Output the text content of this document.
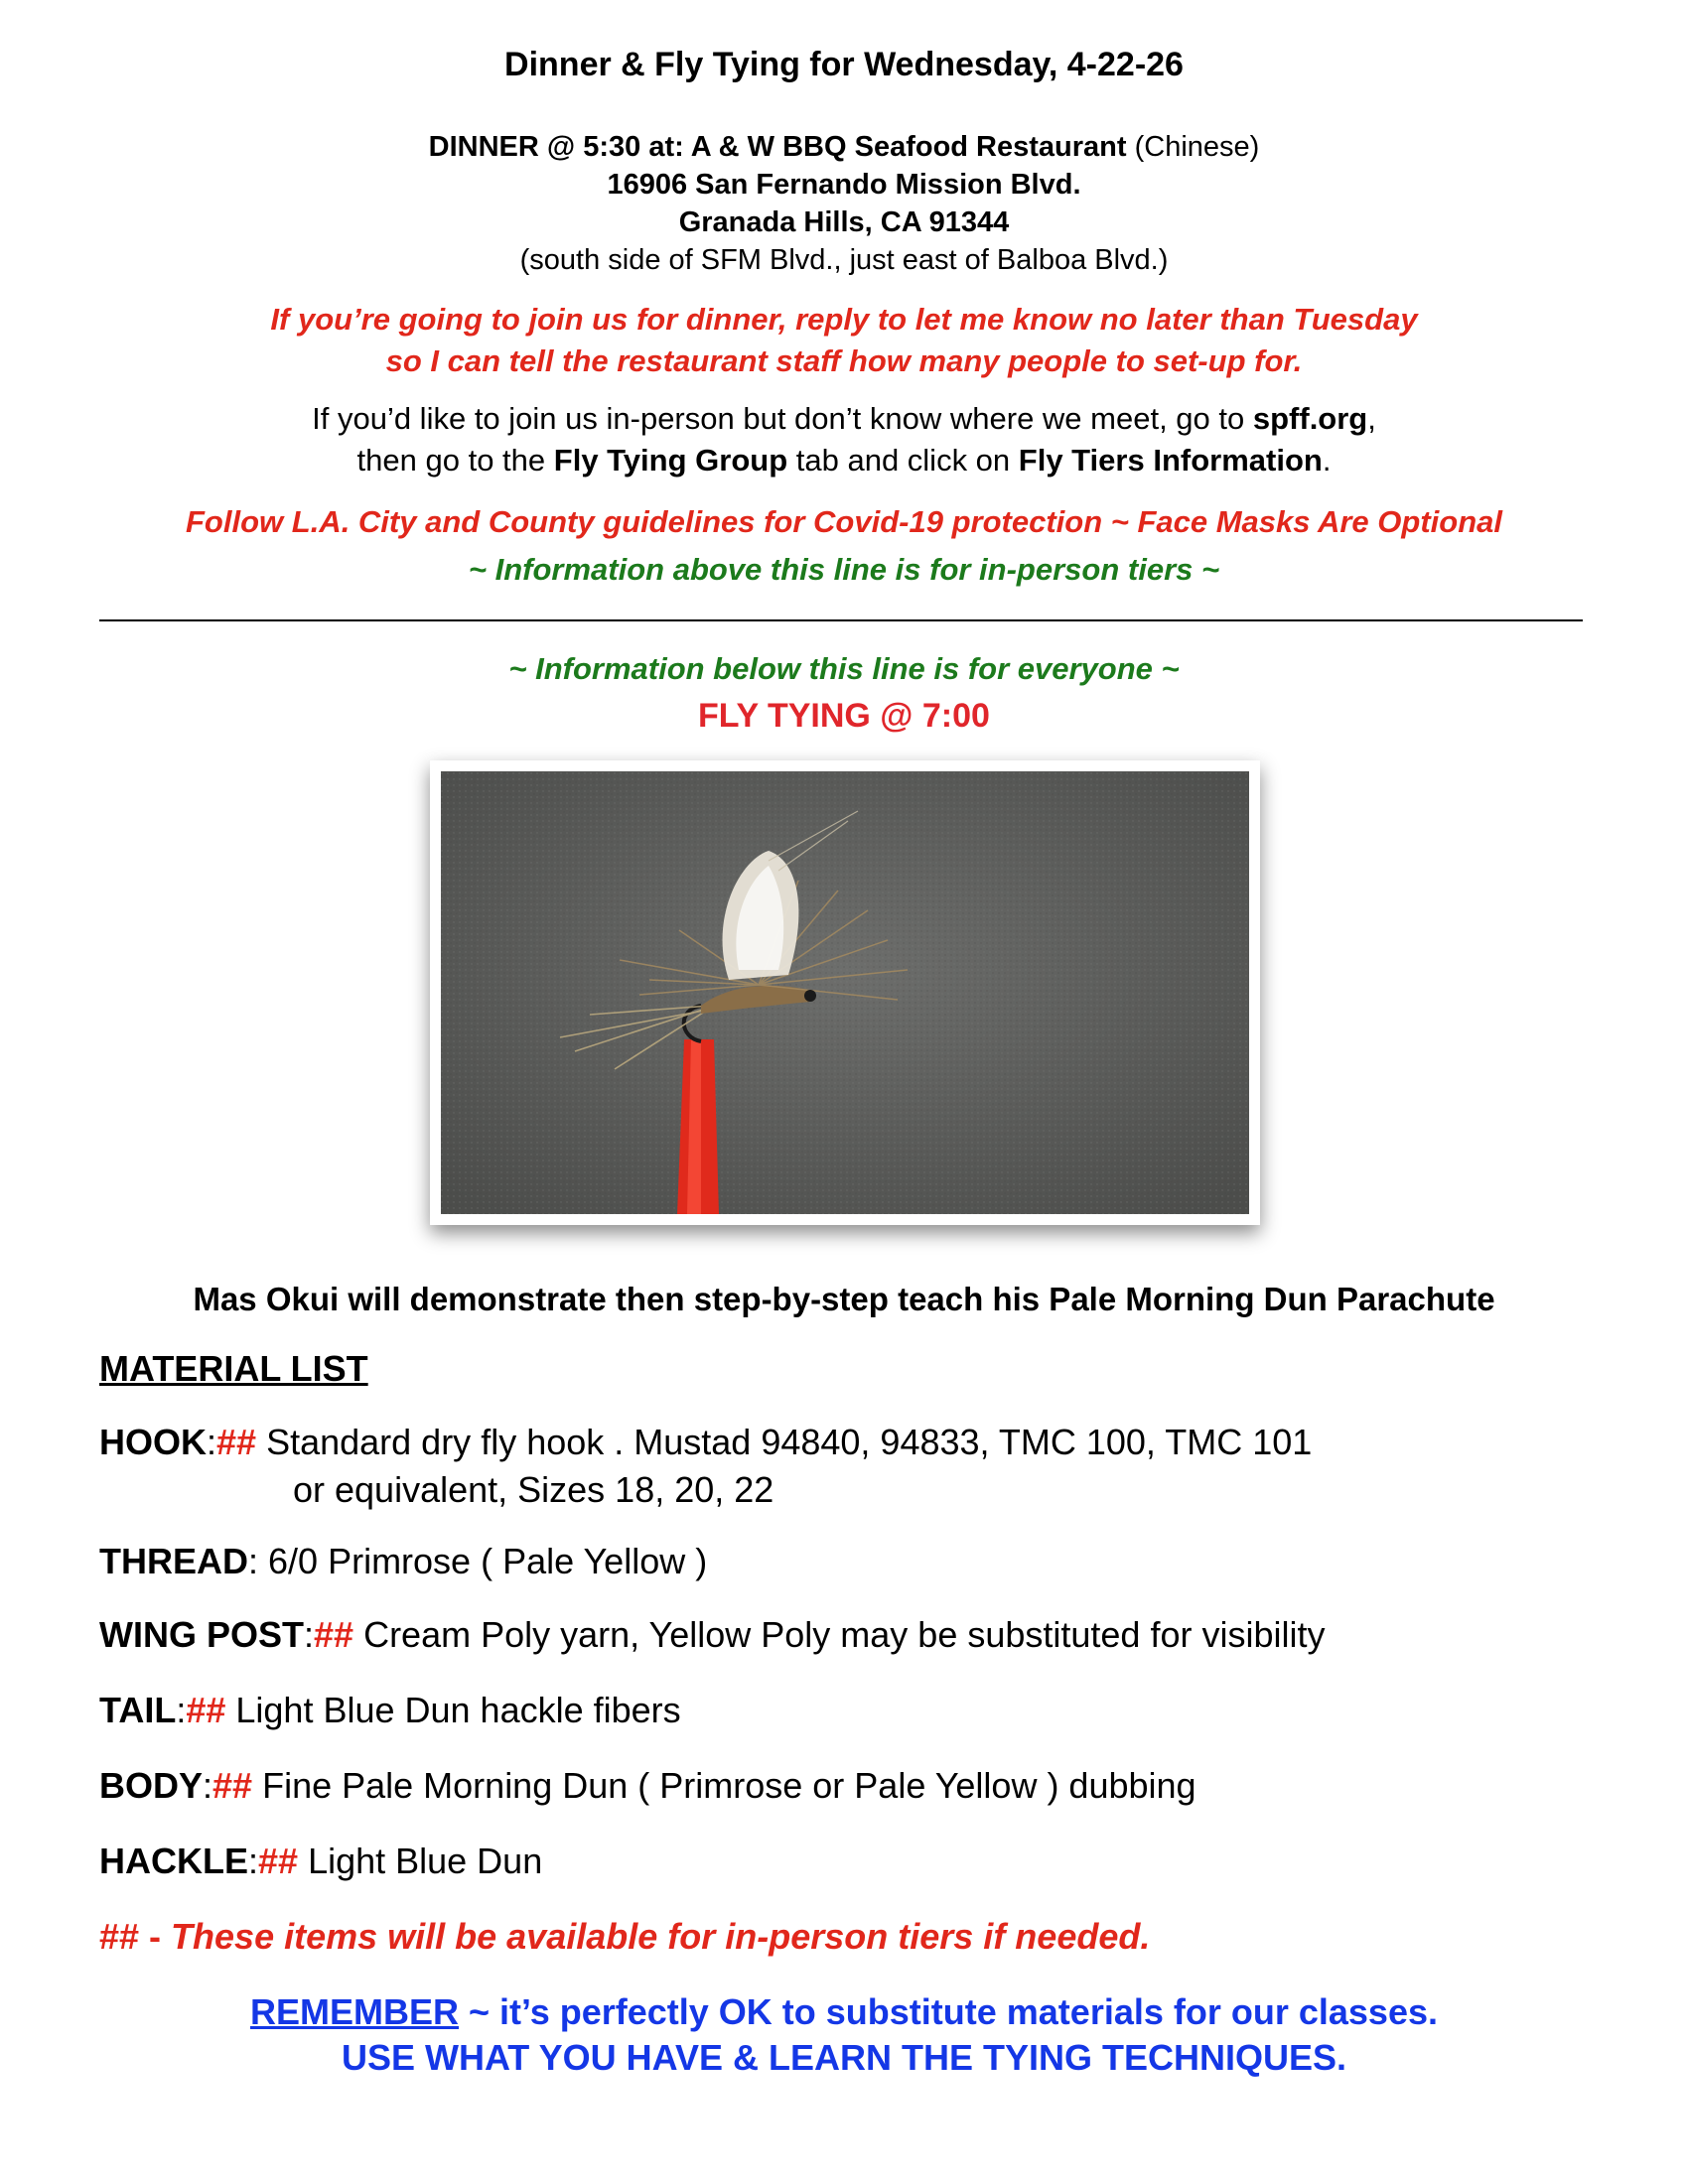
Dinner & Fly Tying for Wednesday, 4-22-26
DINNER @ 5:30 at: A & W BBQ Seafood Restaurant (Chinese)
16906 San Fernando Mission Blvd.
Granada Hills, CA 91344
(south side of SFM Blvd., just east of Balboa Blvd.)
If you’re going to join us for dinner, reply to let me know no later than Tuesday
so I can tell the restaurant staff how many people to set-up for.
If you’d like to join us in-person but don’t know where we meet, go to spff.org,
then go to the Fly Tying Group tab and click on Fly Tiers Information.
Follow L.A. City and County guidelines for Covid-19 protection ~ Face Masks Are Optional
~ Information above this line is for in-person tiers ~
~ Information below this line is for everyone ~
FLY TYING @ 7:00
Mas Okui will demonstrate then step-by-step teach his Pale Morning Dun Parachute
MATERIAL LIST
HOOK:## Standard dry fly hook . Mustad 94840, 94833, TMC 100, TMC 101
or equivalent, Sizes 18, 20, 22
THREAD: 6/0 Primrose ( Pale Yellow )
WING POST:## Cream Poly yarn, Yellow Poly may be substituted for visibility
TAIL:## Light Blue Dun hackle fibers
BODY:## Fine Pale Morning Dun ( Primrose or Pale Yellow ) dubbing
HACKLE:## Light Blue Dun
## - These items will be available for in-person tiers if needed.
REMEMBER ~ it’s perfectly OK to substitute materials for our classes.
USE WHAT YOU HAVE & LEARN THE TYING TECHNIQUES.
